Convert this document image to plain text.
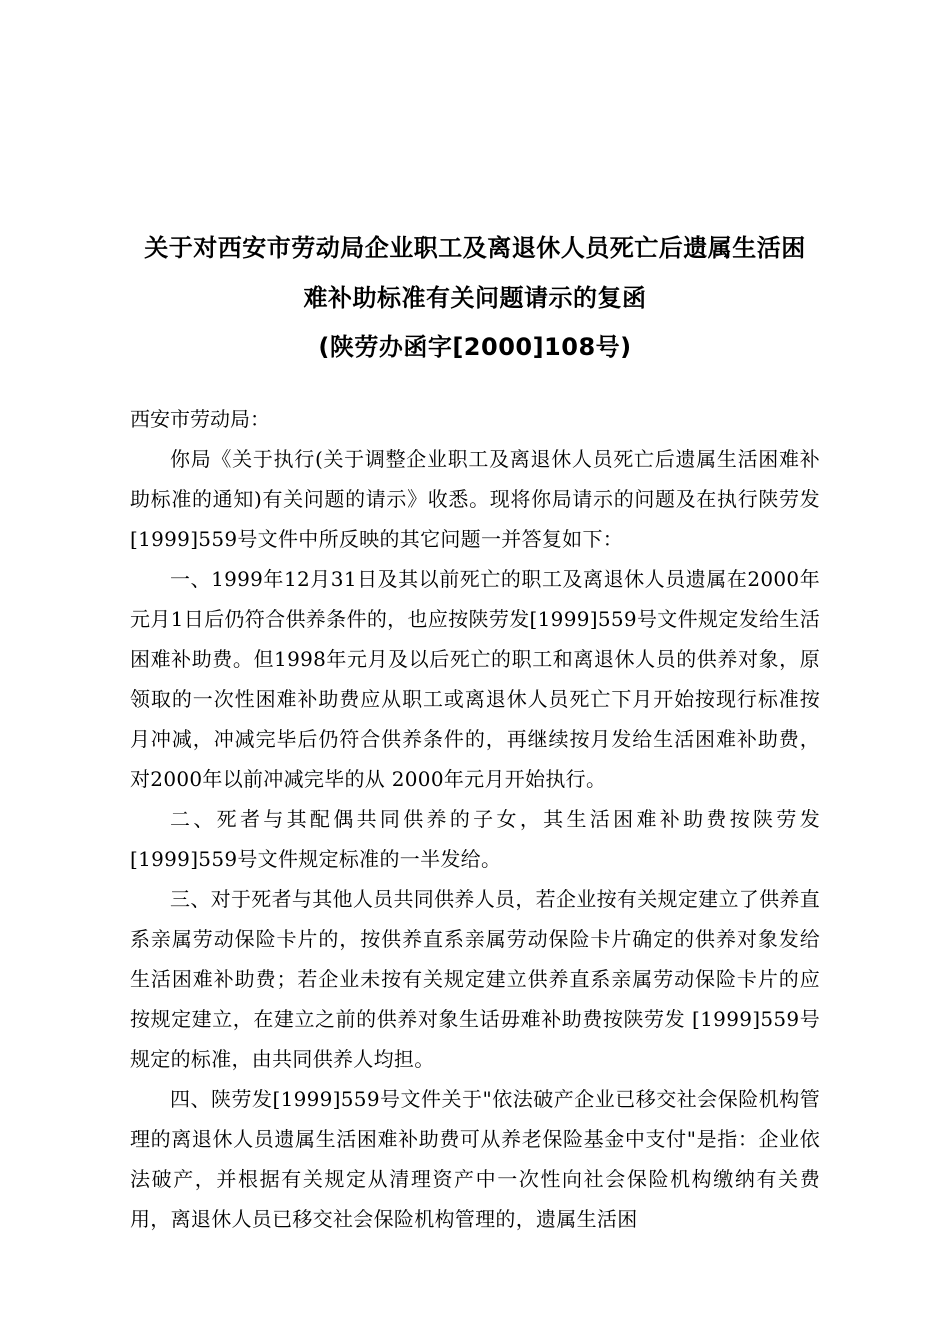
关于对西安市劳动局企业职工及离退休人员死亡后遗属生活困
难补助标准有关问题请示的复函
(陕劳办函字[2000]108号)

西安市劳动局：

你局《关于执行(关于调整企业职工及离退休人员死亡后遗属生活困难补助标准的通知)有关问题的请示》收悉。现将你局请示的问题及在执行陕劳发[1999]559号文件中所反映的其它问题一并答复如下：

一、1999年12月31日及其以前死亡的职工及离退休人员遗属在2000年元月1日后仍符合供养条件的，也应按陕劳发[1999]559号文件规定发给生活困难补助费。但1998年元月及以后死亡的职工和离退休人员的供养对象，原领取的一次性困难补助费应从职工或离退休人员死亡下月开始按现行标准按月冲减，冲减完毕后仍符合供养条件的，再继续按月发给生活困难补助费，对2000年以前冲减完毕的从 2000年元月开始执行。

二、死者与其配偶共同供养的子女，其生活困难补助费按陕劳发[1999]559号文件规定标准的一半发给。

三、对于死者与其他人员共同供养人员，若企业按有关规定建立了供养直系亲属劳动保险卡片的，按供养直系亲属劳动保险卡片确定的供养对象发给生活困难补助费；若企业未按有关规定建立供养直系亲属劳动保险卡片的应按规定建立，在建立之前的供养对象生话毋难补助费按陕劳发 [1999]559号规定的标准，由共同供养人均担。

四、陕劳发[1999]559号文件关于"依法破产企业已移交社会保险机构管理的离退休人员遗属生活困难补助费可从养老保险基金中支付"是指：企业依法破产，并根据有关规定从清理资产中一次性向社会保险机构缴纳有关费用，离退休人员已移交社会保险机构管理的，遗属生活困
